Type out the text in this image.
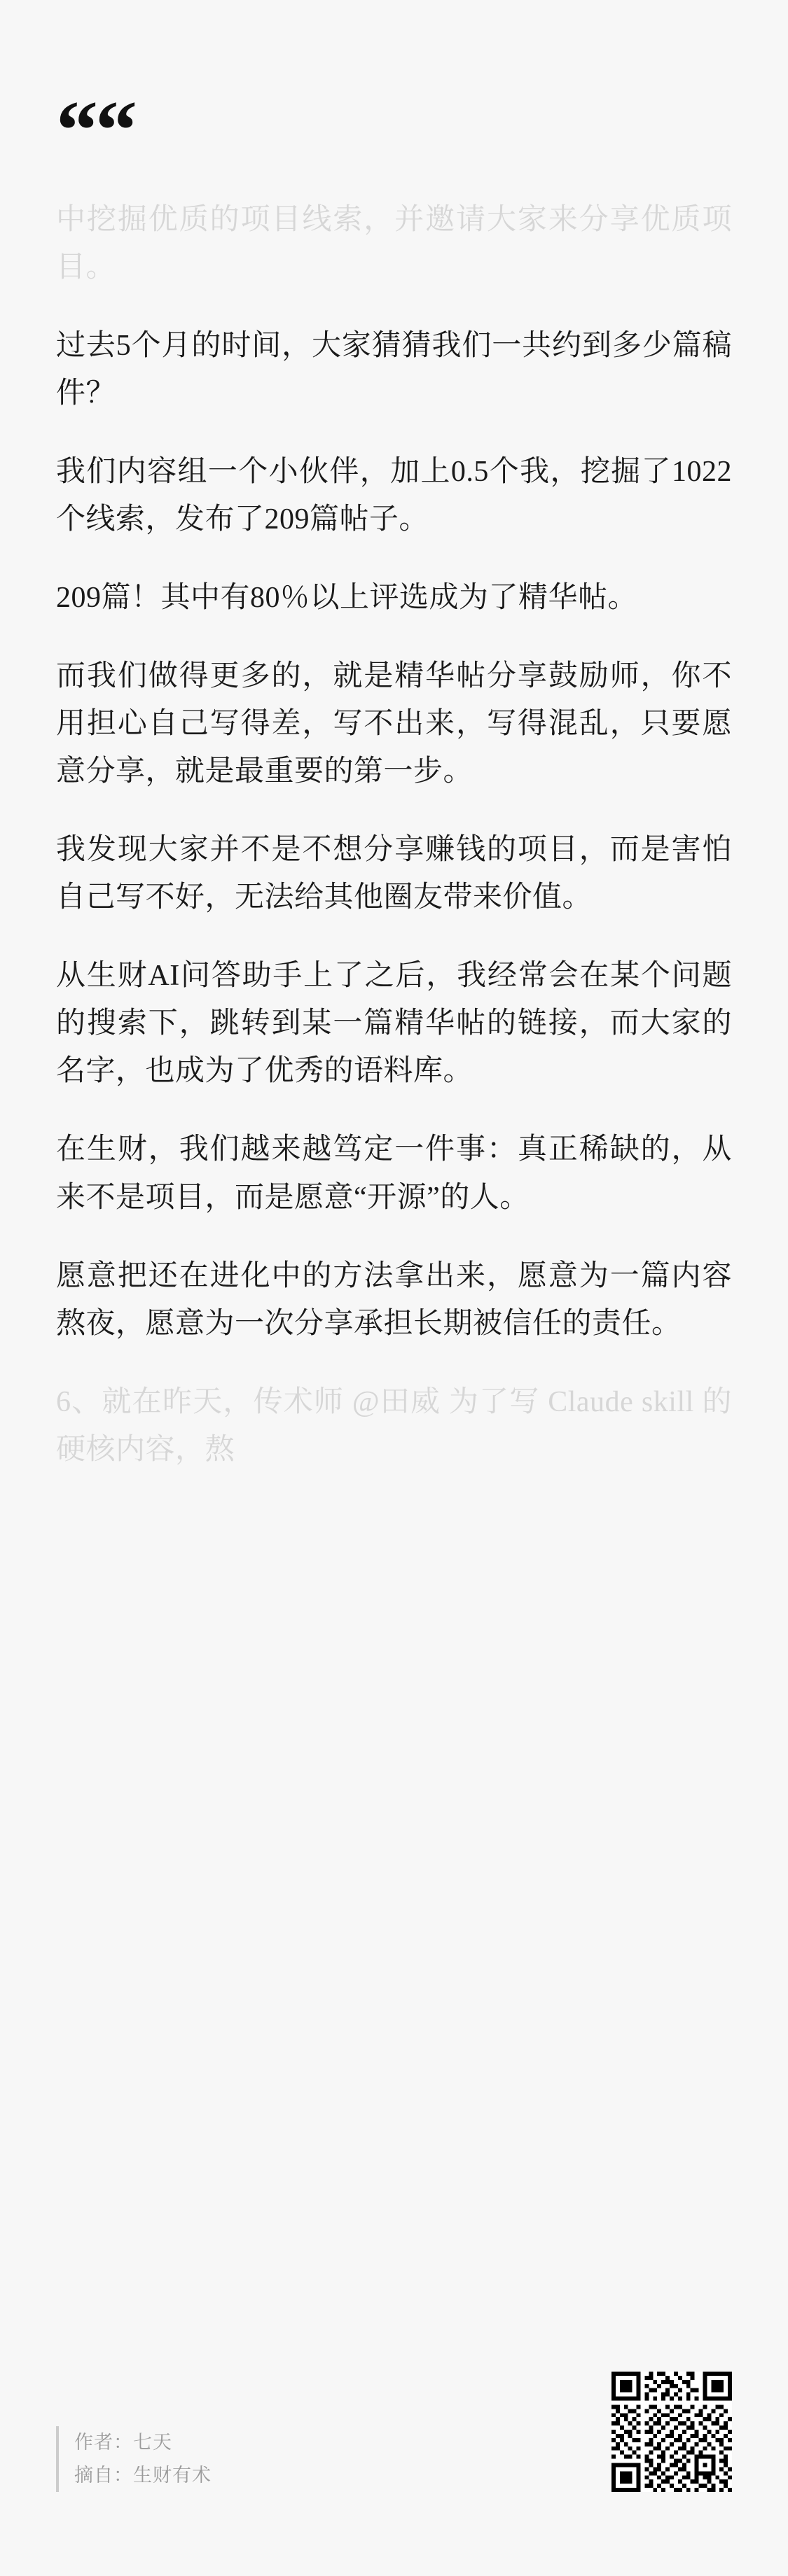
““

中挖掘优质的项目线索，并邀请大家来分享优质项目。

过去5个月的时间，大家猜猜我们一共约到多少篇稿件？

我们内容组一个小伙伴，加上0.5个我，挖掘了1022个线索，发布了209篇帖子。

209篇！其中有80％以上评选成为了精华帖。

而我们做得更多的，就是精华帖分享鼓励师，你不用担心自己写得差，写不出来，写得混乱，只要愿意分享，就是最重要的第一步。

我发现大家并不是不想分享赚钱的项目，而是害怕自己写不好，无法给其他圈友带来价值。

从生财AI问答助手上了之后，我经常会在某个问题的搜索下，跳转到某一篇精华帖的链接，而大家的名字，也成为了优秀的语料库。

在生财，我们越来越笃定一件事：真正稀缺的，从来不是项目，而是愿意“开源”的人。

愿意把还在进化中的方法拿出来，愿意为一篇内容熬夜，愿意为一次分享承担长期被信任的责任。

6、就在昨天，传术师 @田威 为了写 Claude skill 的硬核内容，熬

作者：七天
摘自：生财有术
